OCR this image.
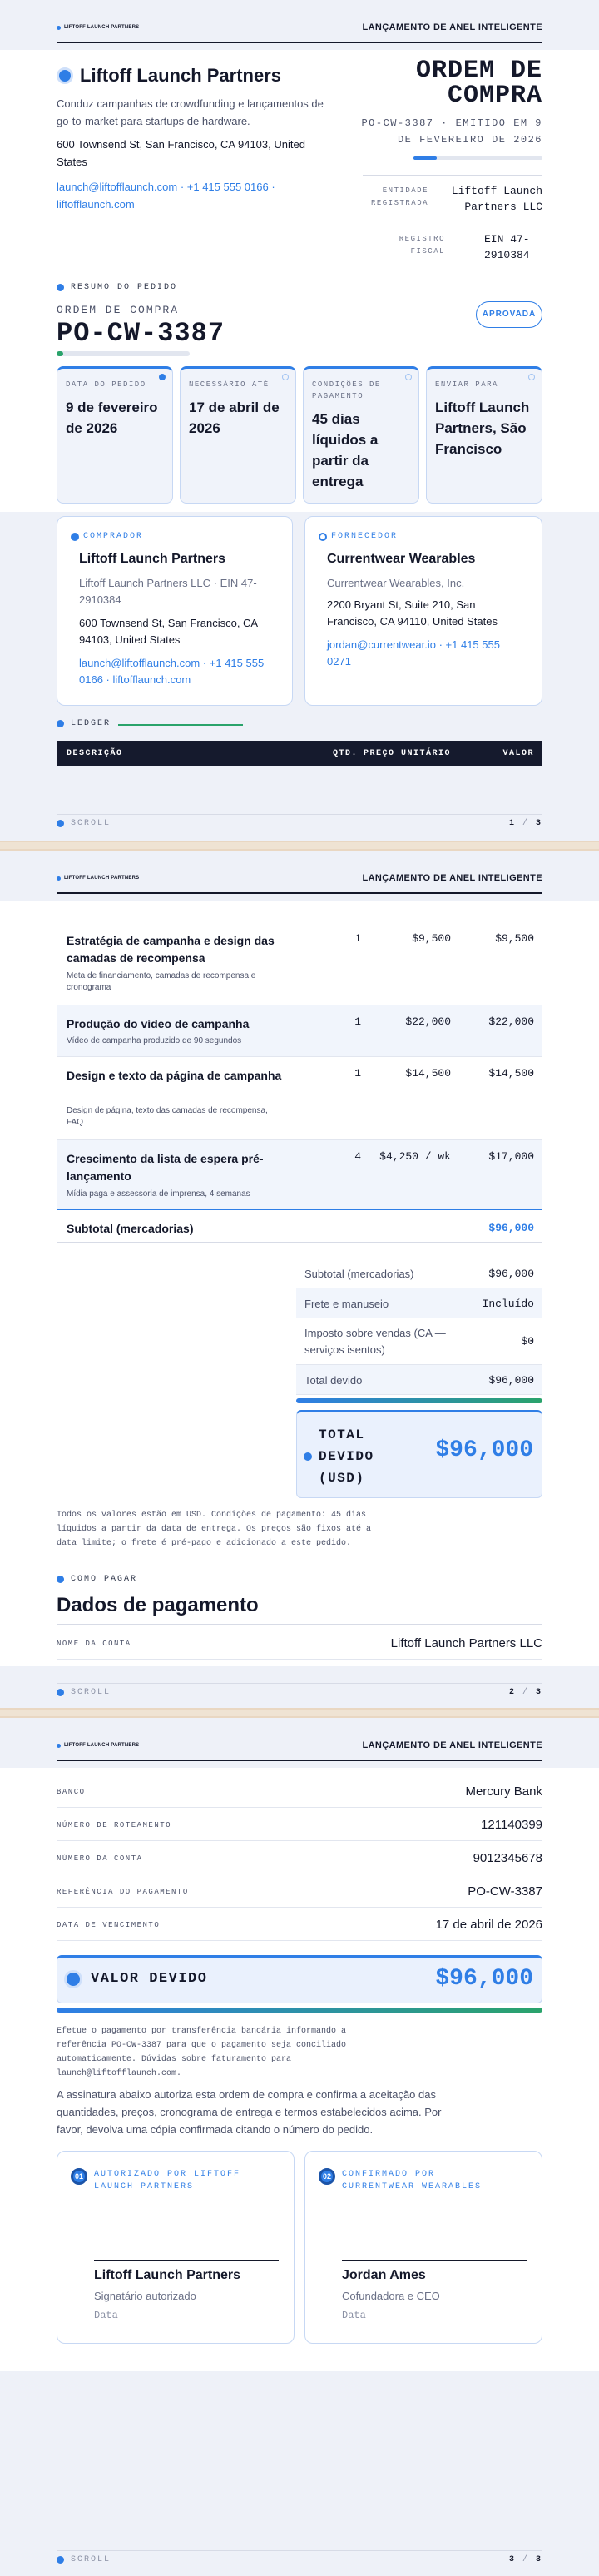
LIFTOFF LAUNCH PARTNERS	LANÇAMENTO DE ANEL INTELIGENTE
Liftoff Launch Partners
Conduz campanhas de crowdfunding e lançamentos de go-to-market para startups de hardware.
600 Townsend St, San Francisco, CA 94103, United States
launch@liftofflaunch.com · +1 415 555 0166 · liftofflaunch.com
ORDEM DE COMPRA
PO-CW-3387 · EMITIDO EM 9 DE FEVEREIRO DE 2026
ENTIDADE REGISTRADA
Liftoff Launch Partners LLC
REGISTRO FISCAL
EIN 47-2910384
RESUMO DO PEDIDO
ORDEM DE COMPRA
PO-CW-3387
APROVADA
DATA DO PEDIDO
9 de fevereiro de 2026
NECESSÁRIO ATÉ
17 de abril de 2026
CONDIÇÕES DE PAGAMENTO
45 dias líquidos a partir da entrega
ENVIAR PARA
Liftoff Launch Partners, São Francisco
COMPRADOR
Liftoff Launch Partners
Liftoff Launch Partners LLC · EIN 47-2910384
600 Townsend St, San Francisco, CA 94103, United States
launch@liftofflaunch.com · +1 415 555 0166 · liftofflaunch.com
FORNECEDOR
Currentwear Wearables
Currentwear Wearables, Inc.
2200 Bryant St, Suite 210, San Francisco, CA 94110, United States
jordan@currentwear.io · +1 415 555 0271
LEDGER
DESCRIÇÃO	QTD. PREÇO UNITÁRIO	VALOR
SCROLL	1 / 3
LIFTOFF LAUNCH PARTNERS	LANÇAMENTO DE ANEL INTELIGENTE
Estratégia de campanha e design das camadas de recompensa
Meta de financiamento, camadas de recompensa e cronograma
1	$9,500	$9,500
Produção do vídeo de campanha
Vídeo de campanha produzido de 90 segundos
1	$22,000	$22,000
Design e texto da página de campanha
Design de página, texto das camadas de recompensa, FAQ
1	$14,500	$14,500
Crescimento da lista de espera pré-lançamento
Mídia paga e assessoria de imprensa, 4 semanas
4 $4,250 / wk	$17,000
Subtotal (mercadorias)	$96,000
Subtotal (mercadorias)	$96,000
Frete e manuseio	Incluído
Imposto sobre vendas (CA — serviços isentos)
$0
Total devido	$96,000
TOTAL DEVIDO (USD)
$96,000
Todos os valores estão em USD. Condições de pagamento: 45 dias líquidos a partir da data de entrega. Os preços são fixos até a data limite; o frete é pré-pago e adicionado a este pedido.
COMO PAGAR
Dados de pagamento
NOME DA CONTA	Liftoff Launch Partners LLC
SCROLL	2 / 3
LIFTOFF LAUNCH PARTNERS	LANÇAMENTO DE ANEL INTELIGENTE
BANCO	Mercury Bank
NÚMERO DE ROTEAMENTO	121140399
NÚMERO DA CONTA	9012345678
REFERÊNCIA DO PAGAMENTO	PO-CW-3387
DATA DE VENCIMENTO	17 de abril de 2026
VALOR DEVIDO	$96,000
Efetue o pagamento por transferência bancária informando a referência PO-CW-3387 para que o pagamento seja conciliado automaticamente. Dúvidas sobre faturamento para launch@liftofflaunch.com.
A assinatura abaixo autoriza esta ordem de compra e confirma a aceitação das quantidades, preços, cronograma de entrega e termos estabelecidos acima. Por favor, devolva uma cópia confirmada citando o número do pedido.
01	AUTORIZADO POR LIFTOFF LAUNCH PARTNERS
Liftoff Launch Partners
Signatário autorizado
Data
02	CONFIRMADO POR CURRENTWEAR WEARABLES
Jordan Ames
Cofundadora e CEO
Data
SCROLL	3 / 3
